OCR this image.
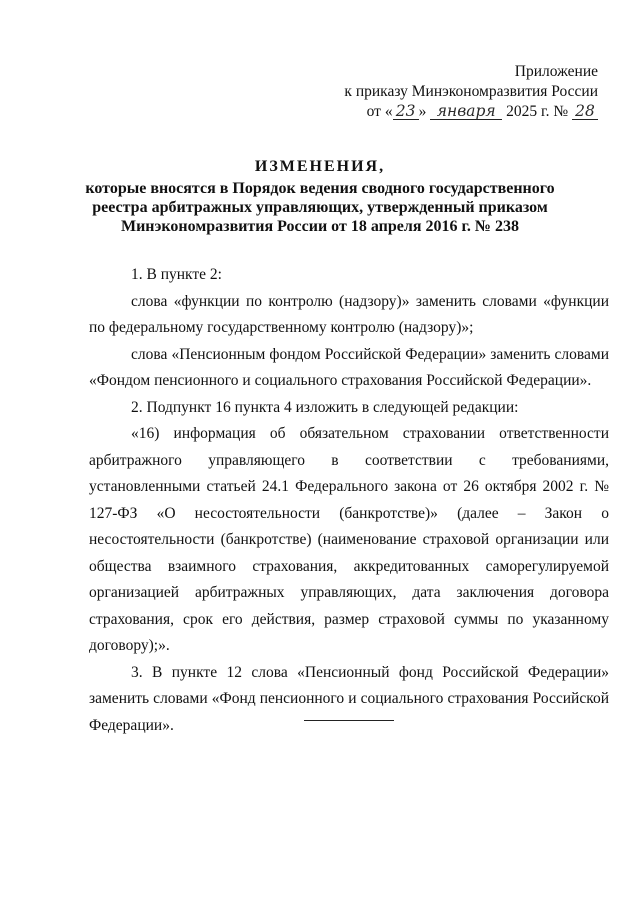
Приложение
к приказу Минэкономразвития России
от « 23 » января 2025 г. № 28
ИЗМЕНЕНИЯ,
которые вносятся в Порядок ведения сводного государственного
реестра арбитражных управляющих, утвержденный приказом
Минэкономразвития России от 18 апреля 2016 г. № 238

1. В пункте 2:

слова «функции по контролю (надзору)» заменить словами «функции по федеральному государственному контролю (надзору)»;

слова «Пенсионным фондом Российской Федерации» заменить словами «Фондом пенсионного и социального страхования Российской Федерации».

2. Подпункт 16 пункта 4 изложить в следующей редакции:

«16) информация об обязательном страховании ответственности арбитражного управляющего в соответствии с требованиями, установленными статьей 24.1 Федерального закона от 26 октября 2002 г. № 127-ФЗ «О несостоятельности (банкротстве)» (далее – Закон о несостоятельности (банкротстве) (наименование страховой организации или общества взаимного страхования, аккредитованных саморегулируемой организацией арбитражных управляющих, дата заключения договора страхования, срок его действия, размер страховой суммы по указанному договору);».

3. В пункте 12 слова «Пенсионный фонд Российской Федерации» заменить словами «Фонд пенсионного и социального страхования Российской Федерации».
